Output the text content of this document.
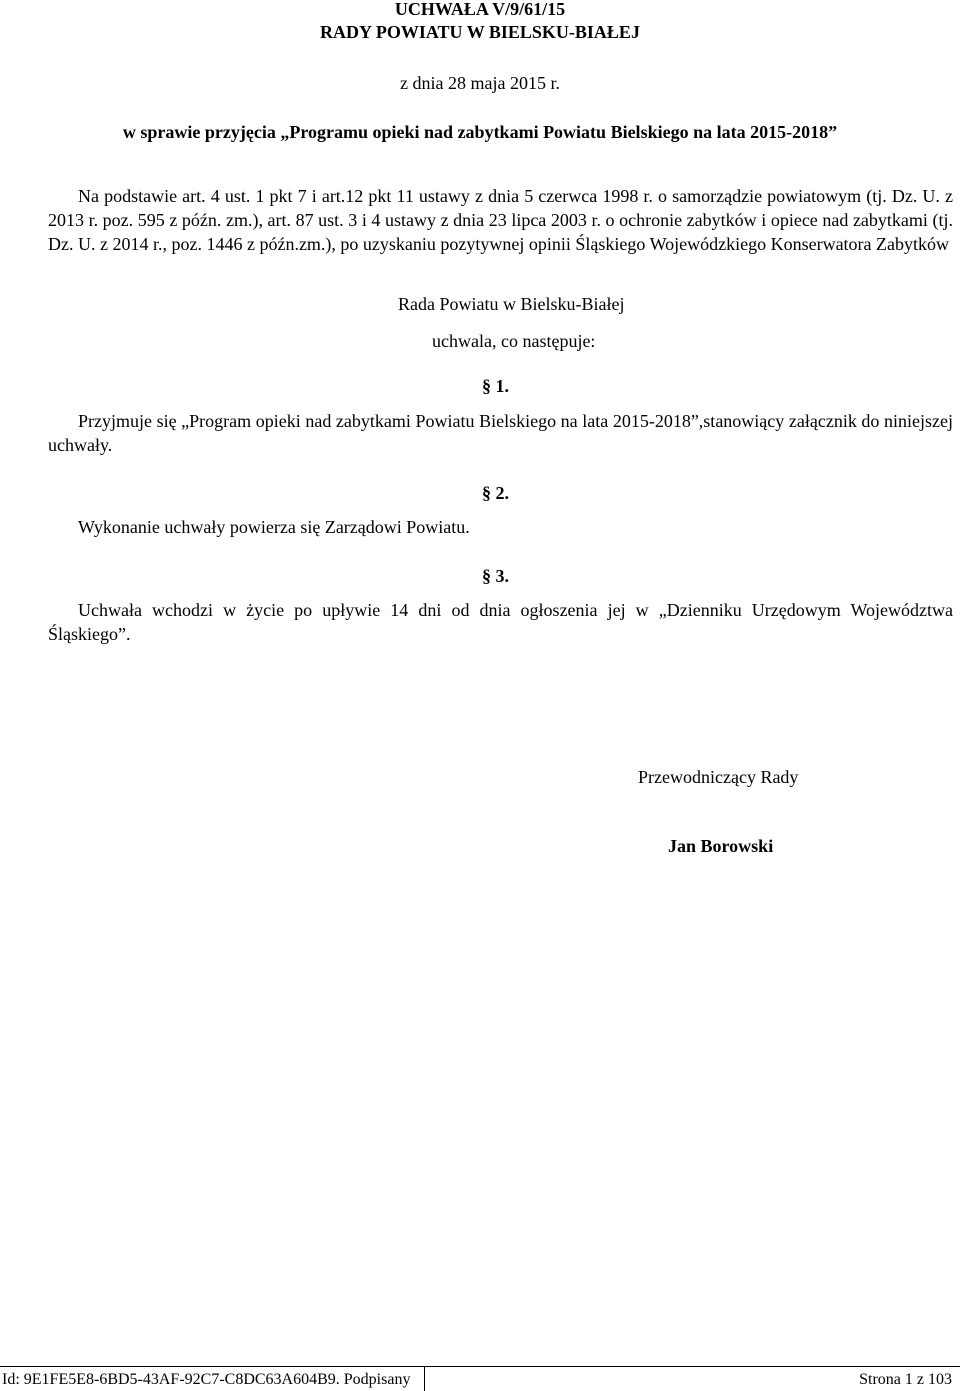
UCHWAŁA V/9/61/15
RADY POWIATU W BIELSKU-BIAŁEJ
z dnia 28 maja 2015 r.
w sprawie przyjęcia „Programu opieki nad zabytkami Powiatu Bielskiego na lata 2015-2018”
Na podstawie art. 4 ust. 1 pkt 7 i art.12 pkt 11 ustawy z dnia 5 czerwca 1998 r. o samorządzie powiatowym (tj. Dz. U. z 2013 r. poz. 595 z późn. zm.), art. 87 ust. 3 i 4 ustawy z dnia 23 lipca 2003 r. o ochronie zabytków i opiece nad zabytkami (tj. Dz. U. z 2014 r., poz. 1446 z późn.zm.), po uzyskaniu pozytywnej opinii Śląskiego Wojewódzkiego Konserwatora Zabytków
Rada Powiatu w Bielsku-Białej
uchwala, co następuje:
§ 1.
Przyjmuje się „Program opieki nad zabytkami Powiatu Bielskiego na lata 2015-2018”,stanowiący załącznik do niniejszej uchwały.
§ 2.
Wykonanie uchwały powierza się Zarządowi Powiatu.
§ 3.
Uchwała wchodzi w życie po upływie 14 dni od dnia ogłoszenia jej w „Dzienniku Urzędowym Województwa Śląskiego”.
Przewodniczący Rady
Jan Borowski
Id: 9E1FE5E8-6BD5-43AF-92C7-C8DC63A604B9. Podpisany	Strona 1 z 103
